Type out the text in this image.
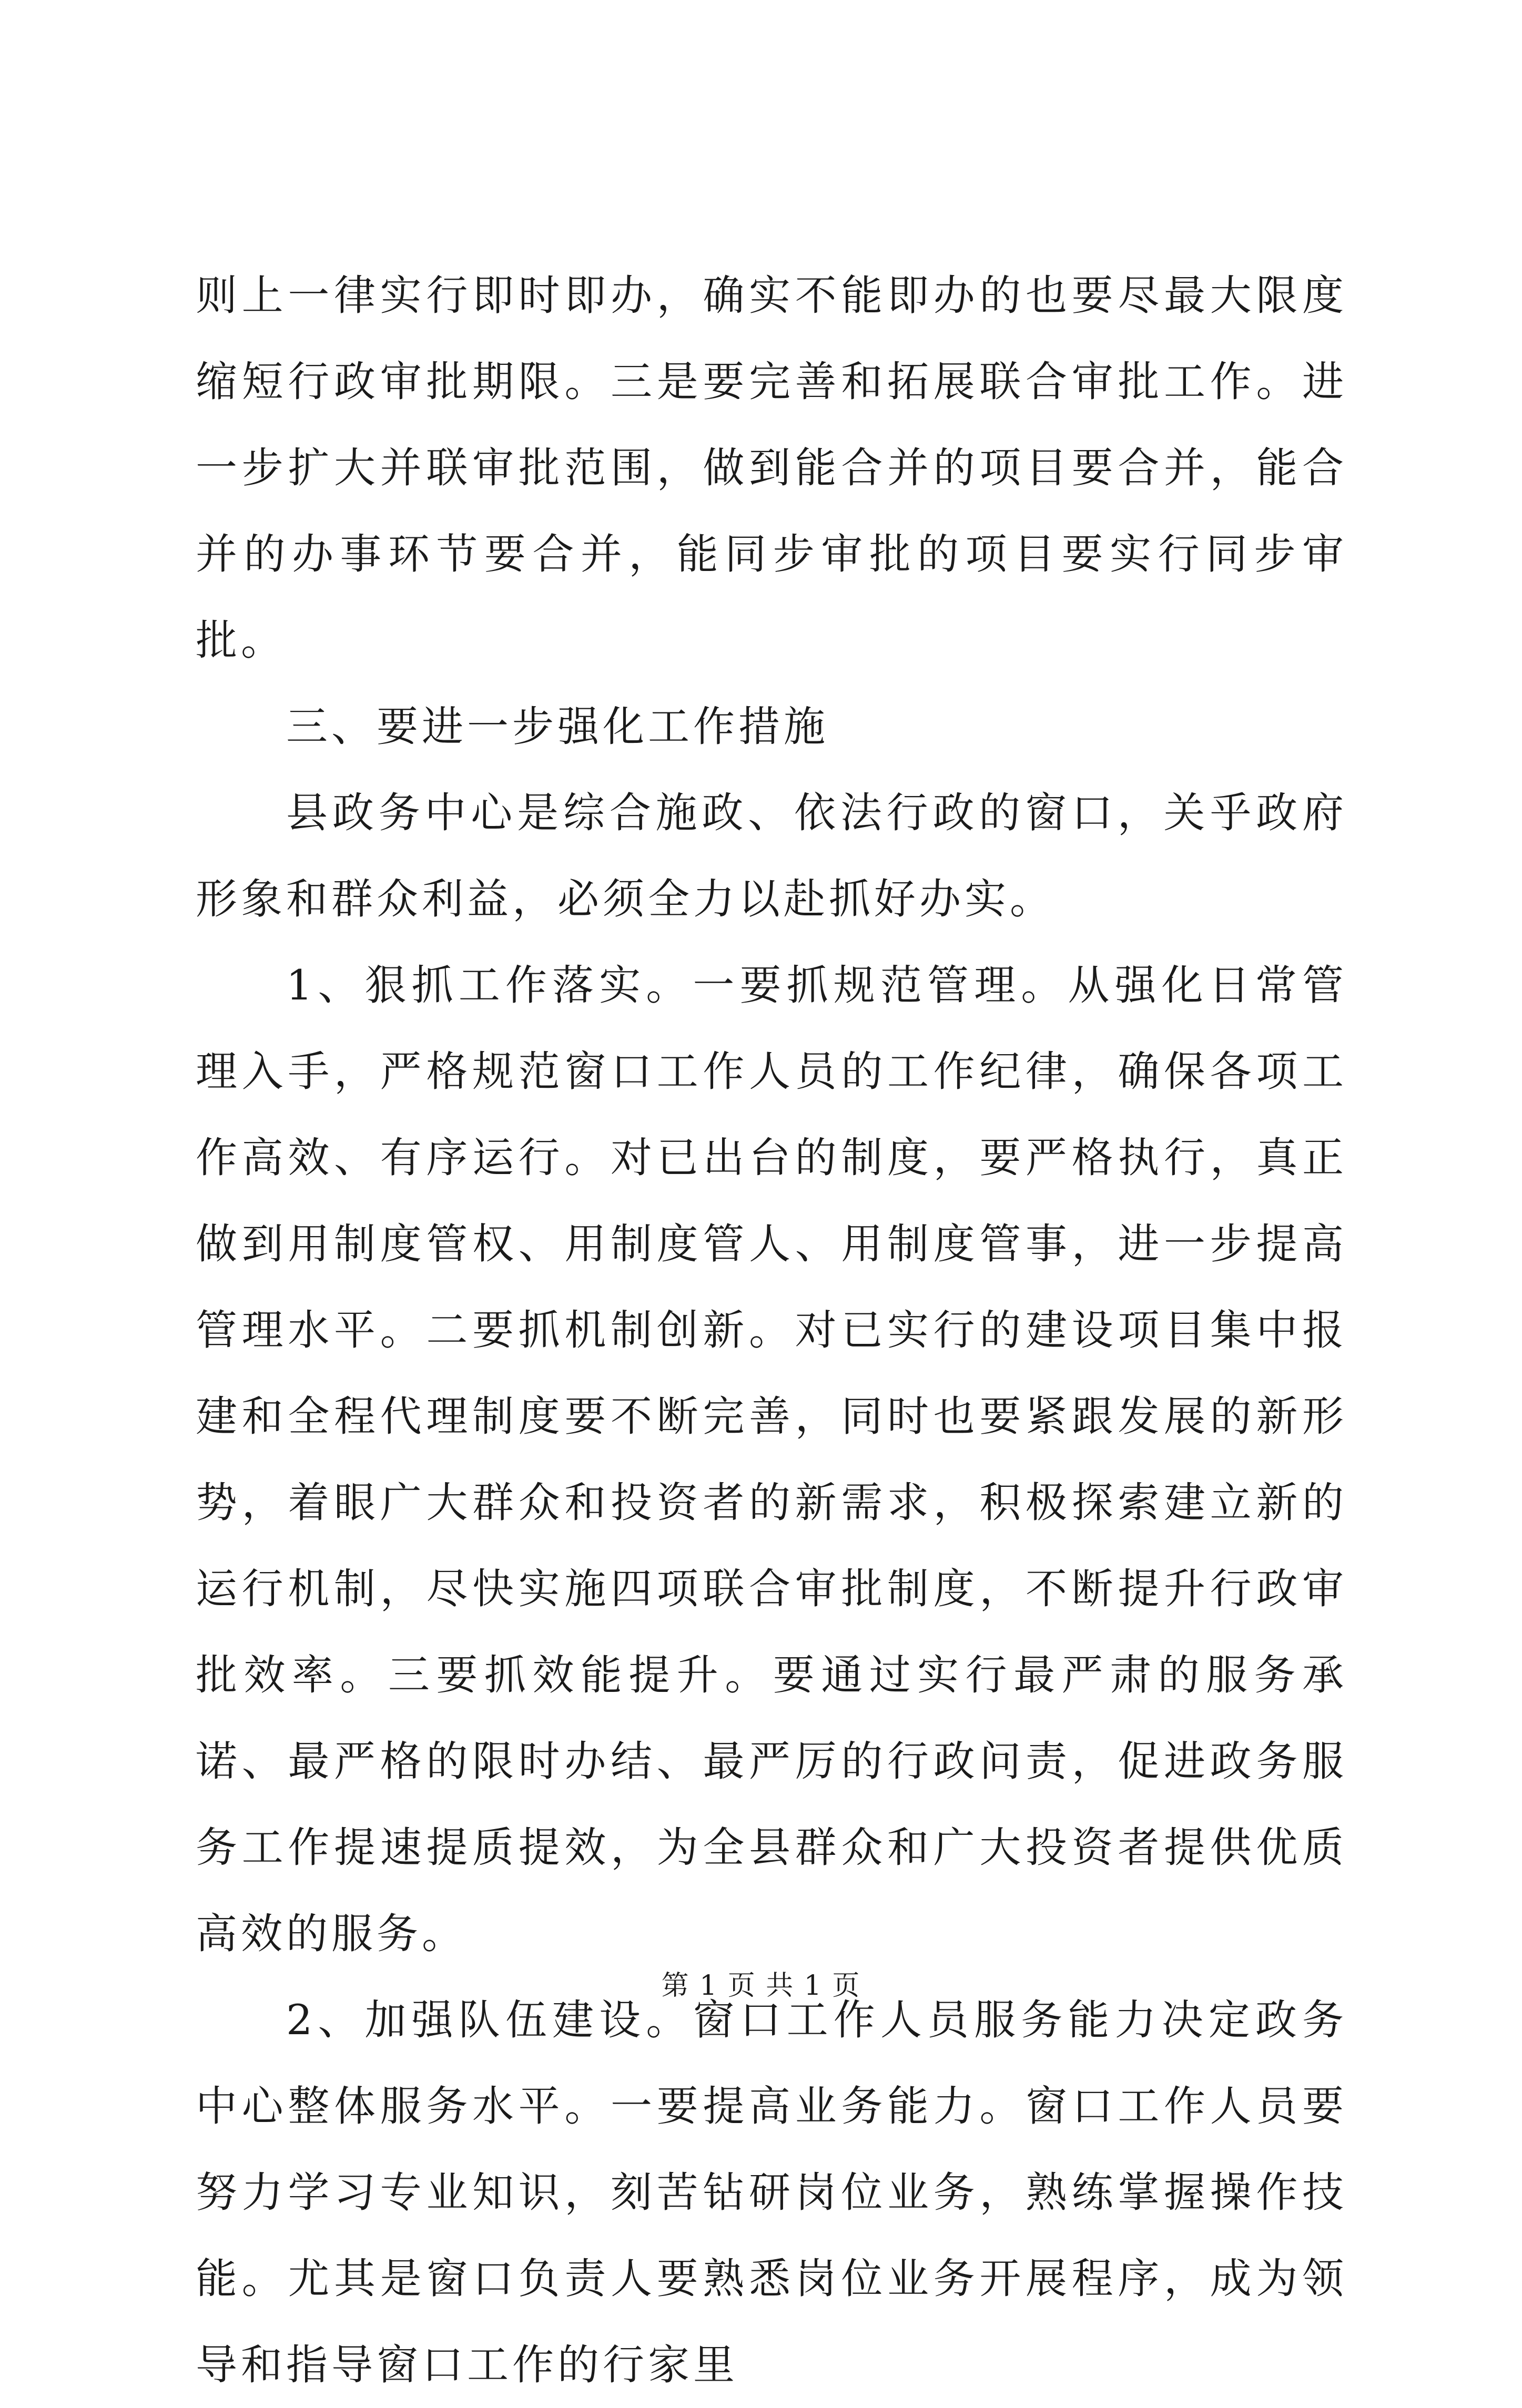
则上一律实行即时即办，确实不能即办的也要尽最大限度缩短行政审批期限。三是要完善和拓展联合审批工作。进一步扩大并联审批范围，做到能合并的项目要合并，能合并的办事环节要合并，能同步审批的项目要实行同步审批。

三、要进一步强化工作措施

县政务中心是综合施政、依法行政的窗口，关乎政府形象和群众利益，必须全力以赴抓好办实。

1、狠抓工作落实。一要抓规范管理。从强化日常管理入手，严格规范窗口工作人员的工作纪律，确保各项工作高效、有序运行。对已出台的制度，要严格执行，真正做到用制度管权、用制度管人、用制度管事，进一步提高管理水平。二要抓机制创新。对已实行的建设项目集中报建和全程代理制度要不断完善，同时也要紧跟发展的新形势，着眼广大群众和投资者的新需求，积极探索建立新的运行机制，尽快实施四项联合审批制度，不断提升行政审批效率。三要抓效能提升。要通过实行最严肃的服务承诺、最严格的限时办结、最严厉的行政问责，促进政务服务工作提速提质提效，为全县群众和广大投资者提供优质高效的服务。

2、加强队伍建设。窗口工作人员服务能力决定政务中心整体服务水平。一要提高业务能力。窗口工作人员要努力学习专业知识，刻苦钻研岗位业务，熟练掌握操作技能。尤其是窗口负责人要熟悉岗位业务开展程序，成为领导和指导窗口工作的行家里

第 1 页 共 1 页
